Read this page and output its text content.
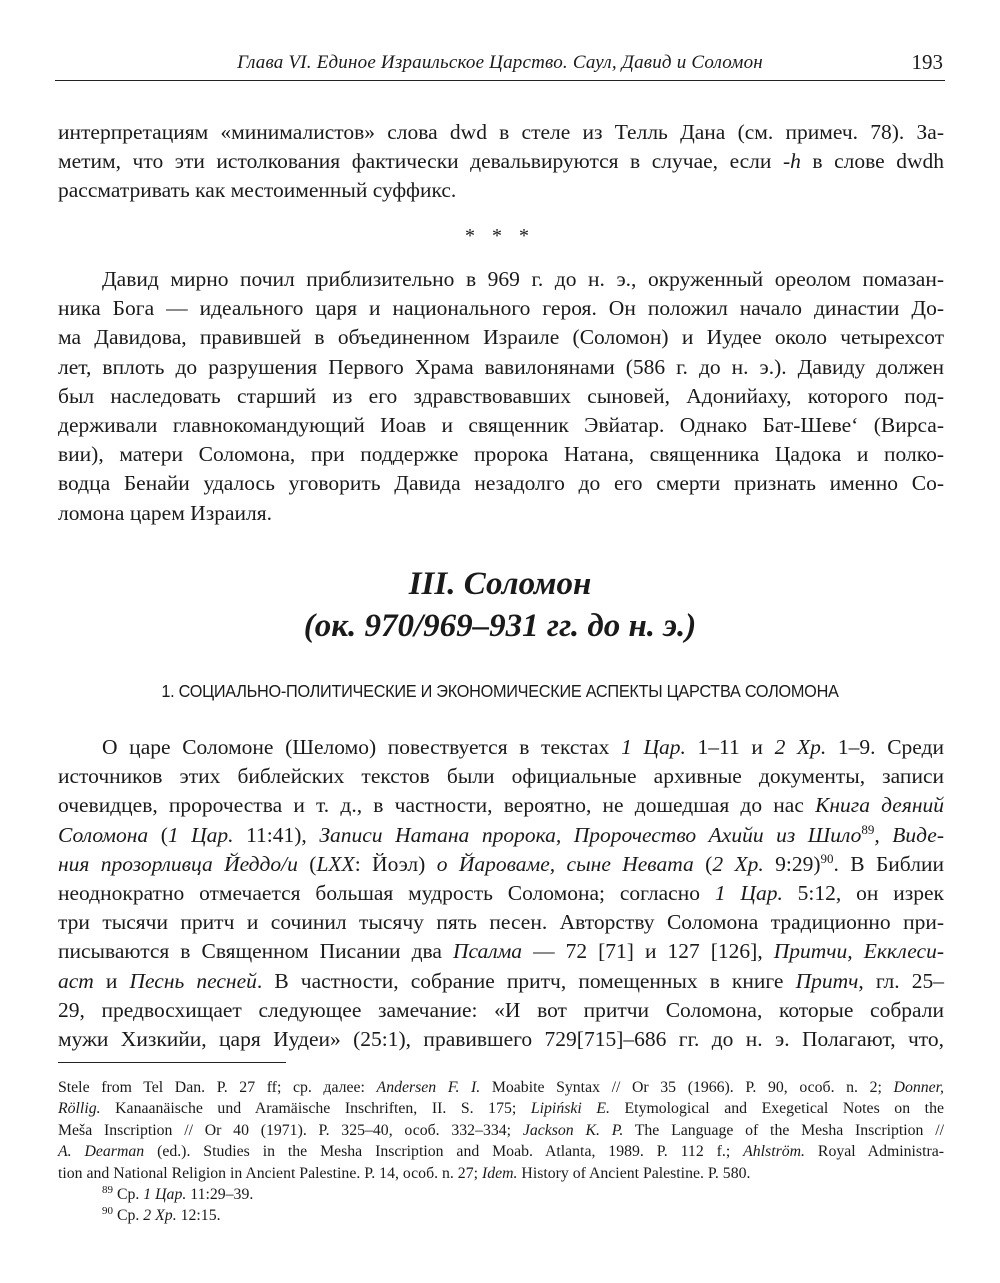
Глава VI. Единое Израильское Царство. Саул, Давид и Соломон	193
интерпретациям «минималистов» слова dwd в стеле из Телль Дана (см. примеч. 78). За-
метим, что эти истолкования фактически девальвируются в случае, если -h в слове dwdh
рассматривать как местоименный суффикс.
* * *
Давид мирно почил приблизительно в 969 г. до н. э., окруженный ореолом помазан-
ника Бога — идеального царя и национального героя. Он положил начало династии До-
ма Давидова, правившей в объединенном Израиле (Соломон) и Иудее около четырехсот
лет, вплоть до разрушения Первого Храма вавилонянами (586 г. до н. э.). Давиду должен
был наследовать старший из его здравствовавших сыновей, Адонийаху, которого под-
держивали главнокомандующий Иоав и священник Эвйатар. Однако Бат-Шеве‘ (Вирса-
вии), матери Соломона, при поддержке пророка Натана, священника Цадока и полко-
водца Бенайи удалось уговорить Давида незадолго до его смерти признать именно Со-
ломона царем Израиля.
III. Соломон
(ок. 970/969–931 гг. до н. э.)
1. СОЦИАЛЬНО-ПОЛИТИЧЕСКИЕ И ЭКОНОМИЧЕСКИЕ АСПЕКТЫ ЦАРСТВА СОЛОМОНА
О царе Соломоне (Шеломо) повествуется в текстах 1 Цар. 1–11 и 2 Хр. 1–9. Среди
источников этих библейских текстов были официальные архивные документы, записи
очевидцев, пророчества и т. д., в частности, вероятно, не дошедшая до нас Книга деяний
Соломона (1 Цар. 11:41), Записи Натана пророка, Пророчество Ахийи из Шило$^{89}$, Виде-
ния прозорливца Йеддо/и (LXX: Йоэл) о Йароваме, сыне Невата (2 Хр. 9:29)$^{90}$. В Библии
неоднократно отмечается большая мудрость Соломона; согласно 1 Цар. 5:12, он изрек
три тысячи притч и сочинил тысячу пять песен. Авторству Соломона традиционно при-
писываются в Священном Писании два Псалма — 72 [71] и 127 [126], Притчи, Екклеси-
аст и Песнь песней. В частности, собрание притч, помещенных в книге Притч, гл. 25–
29, предвосхищает следующее замечание: «И вот притчи Соломона, которые собрали
мужи Хизкийи, царя Иудеи» (25:1), правившего 729[715]–686 гг. до н. э. Полагают, что,
Stele from Tel Dan. P. 27 ff; ср. далее: Andersen F. I. Moabite Syntax // Or 35 (1966). P. 90, особ. n. 2; Donner,
Röllig. Kanaanäische und Aramäische Inschriften, II. S. 175; Lipiński E. Etymological and Exegetical Notes on the
Meša Inscription // Or 40 (1971). P. 325–40, особ. 332–334; Jackson K. P. The Language of the Mesha Inscription //
A. Dearman (ed.). Studies in the Mesha Inscription and Moab. Atlanta, 1989. P. 112 f.; Ahlström. Royal Administra-
tion and National Religion in Ancient Palestine. P. 14, особ. n. 27; Idem. History of Ancient Palestine. P. 580.
$^{89}$ Ср. 1 Цар. 11:29–39.
$^{90}$ Ср. 2 Хр. 12:15.
